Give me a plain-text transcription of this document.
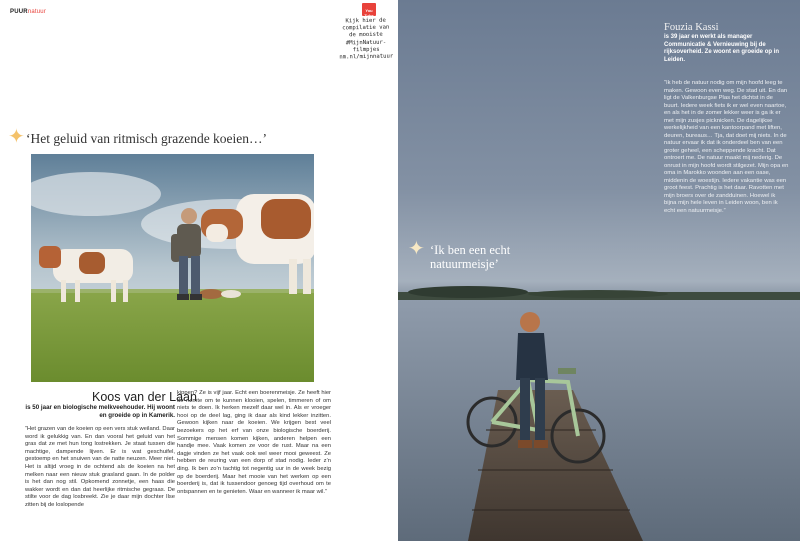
PUURnatuur	You Tube
Kijk hier de compilatie van de mooiste #MijnNatuur-filmpjes nm.nl/mijnnatuur
✦ ‘Het geluid van ritmisch grazende koeien…’
Koos van der Laan
is 50 jaar en biologische melkveehouder. Hij woont en groeide op in Kamerik.
“Het grazen van de koeien op een vers stuk weiland. Daar word ik gelukkig van. En dan vooral het geluid van het gras dat ze met hun tong lostrekken. Je staat tussen die machtige, dampende lijven. Er is wat geschuifel, gestoemp en het snuiven van de natte neuzen. Meer niet. Het is altijd vroeg in de ochtend als de koeien na het melken naar een nieuw stuk grasland gaan. In de polder is het dan nog stil. Opkomend zonnetje, een haas die wakker wordt en dan dat heerlijke ritmische gegraas. De stilte voor de dag losbreekt. Zie je daar mijn dochter Ilse zitten bij de loslopende
kippen? Ze is vijf jaar. Echt een boerenmeisje. Ze heeft hier de ruimte om te kunnen klooien, spelen, timmeren of om niets te doen. Ik herken mezelf daar wel in. Als er vroeger hooi op de deel lag, ging ik daar als kind lekker inzitten. Gewoon kijken naar de koeien. We krijgen best veel bezoekers op het erf van onze biologische boerderij. Sommige mensen komen kijken, anderen helpen een handje mee. Vaak komen ze voor de rust. Maar na een dagje vinden ze het vaak ook wel weer mooi geweest. Ze hebben de reuring van een dorp of stad nodig. Ieder z’n ding. Ik ben zo’n tachtig tot negentig uur in de week bezig op de boerderij. Maar het mooie van het werken op een boerderij is, dat ik tussendoor genoeg tijd overhoud om te ontspannen en te genieten. Waar en wanneer ik maar wil.”
✦ ‘Ik ben een echt natuurmeisje’
Fouzia Kassi
is 39 jaar en werkt als manager Communicatie & Vernieuwing bij de rijksoverheid. Ze woont en groeide op in Leiden.
“Ik heb de natuur nodig om mijn hoofd leeg te maken. Gewoon even weg. De stad uit. En dan ligt de Valkenburgse Plas het dichtst in de buurt. Iedere week fiets ik er wel even naartoe, en als het in de zomer lekker weer is ga ik er met mijn zusjes picknicken. De dagelijkse werkelijkheid van een kantoorpand met liften, deuren, bureaus… Tja, dat doet mij niets. In de natuur ervaar ik dat ik onderdeel ben van een groter geheel, een scheppende kracht. Dat ontroert me. De natuur maakt mij nederig. De onrust in mijn hoofd wordt stilgezet. Mijn opa en oma in Marokko woonden aan een oase, middenin de woestijn. Iedere vakantie was een groot feest. Prachtig is het daar. Ravotten met mijn broers over de zandduinen. Hoewel ik bijna mijn hele leven in Leiden woon, ben ik echt een natuurmeisje.”
